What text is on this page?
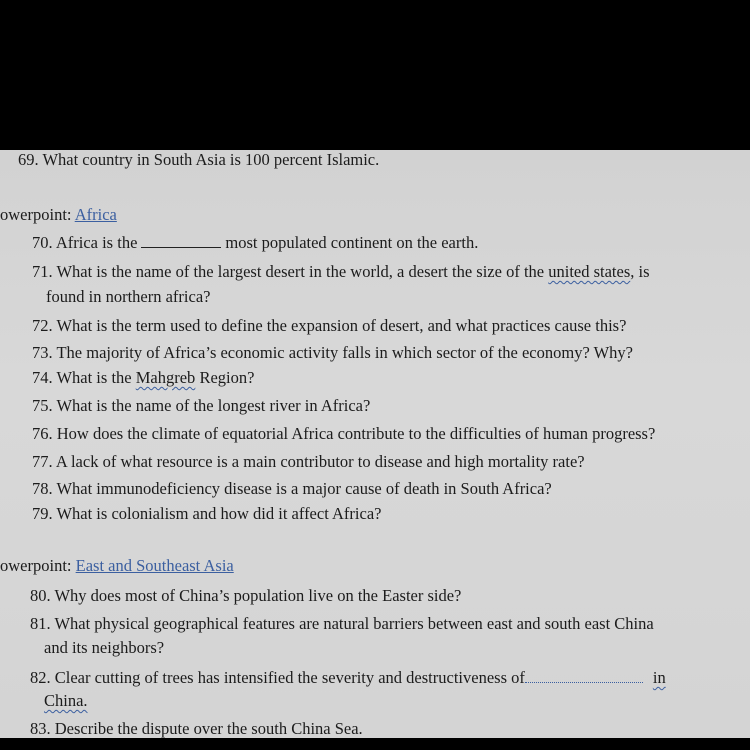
69. What country in South Asia is 100 percent Islamic.
owerpoint: Africa
70. Africa is the	most populated continent on the earth.
71. What is the name of the largest desert in the world, a desert the size of the united states, is
found in northern africa?
72. What is the term used to define the expansion of desert, and what practices cause this?
73. The majority of Africa’s economic activity falls in which sector of the economy? Why?
74. What is the Mahgreb Region?
75. What is the name of the longest river in Africa?
76. How does the climate of equatorial Africa contribute to the difficulties of human progress?
77. A lack of what resource is a main contributor to disease and high mortality rate?
78. What immunodeficiency disease is a major cause of death in South Africa?
79. What is colonialism and how did it affect Africa?
owerpoint: East and Southeast Asia
80. Why does most of China’s population live on the Easter side?
81. What physical geographical features are natural barriers between east and south east China
and its neighbors?
82. Clear cutting of trees has intensified the severity and destructiveness of	in
China.
83. Describe the dispute over the south China Sea.
